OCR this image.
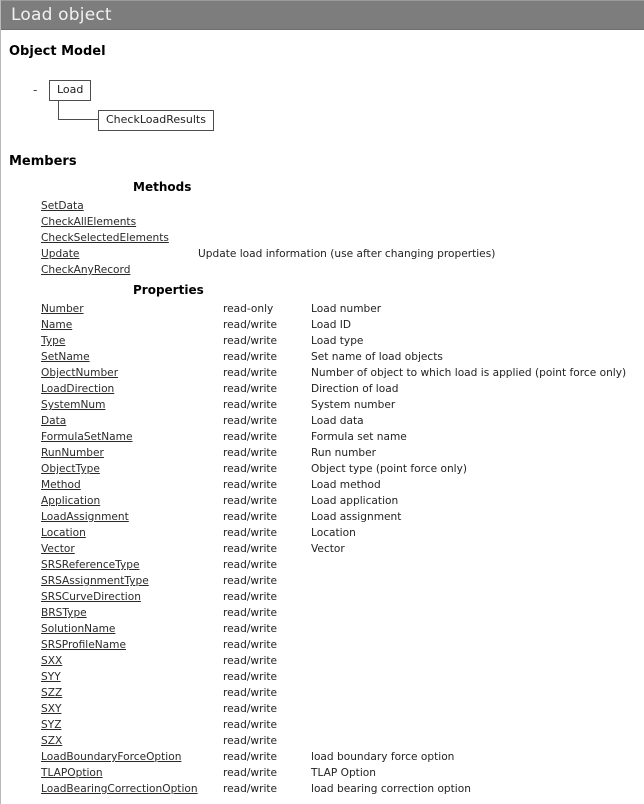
Load object
Object Model
-	Load
CheckLoadResults
Members
Methods
SetData
CheckAllElements
CheckSelectedElements
Update	Update load information (use after changing properties)
CheckAnyRecord
Properties
Number	read-only	Load number
Name	read/write	Load ID
Type	read/write	Load type
SetName	read/write	Set name of load objects
ObjectNumber	read/write	Number of object to which load is applied (point force only)
LoadDirection	read/write	Direction of load
SystemNum	read/write	System number
Data	read/write	Load data
FormulaSetName	read/write	Formula set name
RunNumber	read/write	Run number
ObjectType	read/write	Object type (point force only)
Method	read/write	Load method
Application	read/write	Load application
LoadAssignment	read/write	Load assignment
Location	read/write	Location
Vector	read/write	Vector
SRSReferenceType	read/write
SRSAssignmentType	read/write
SRSCurveDirection	read/write
BRSType	read/write
SolutionName	read/write
SRSProfileName	read/write
SXX	read/write
SYY	read/write
SZZ	read/write
SXY	read/write
SYZ	read/write
SZX	read/write
LoadBoundaryForceOption	read/write	load boundary force option
TLAPOption	read/write	TLAP Option
LoadBearingCorrectionOption read/write	load bearing correction option
